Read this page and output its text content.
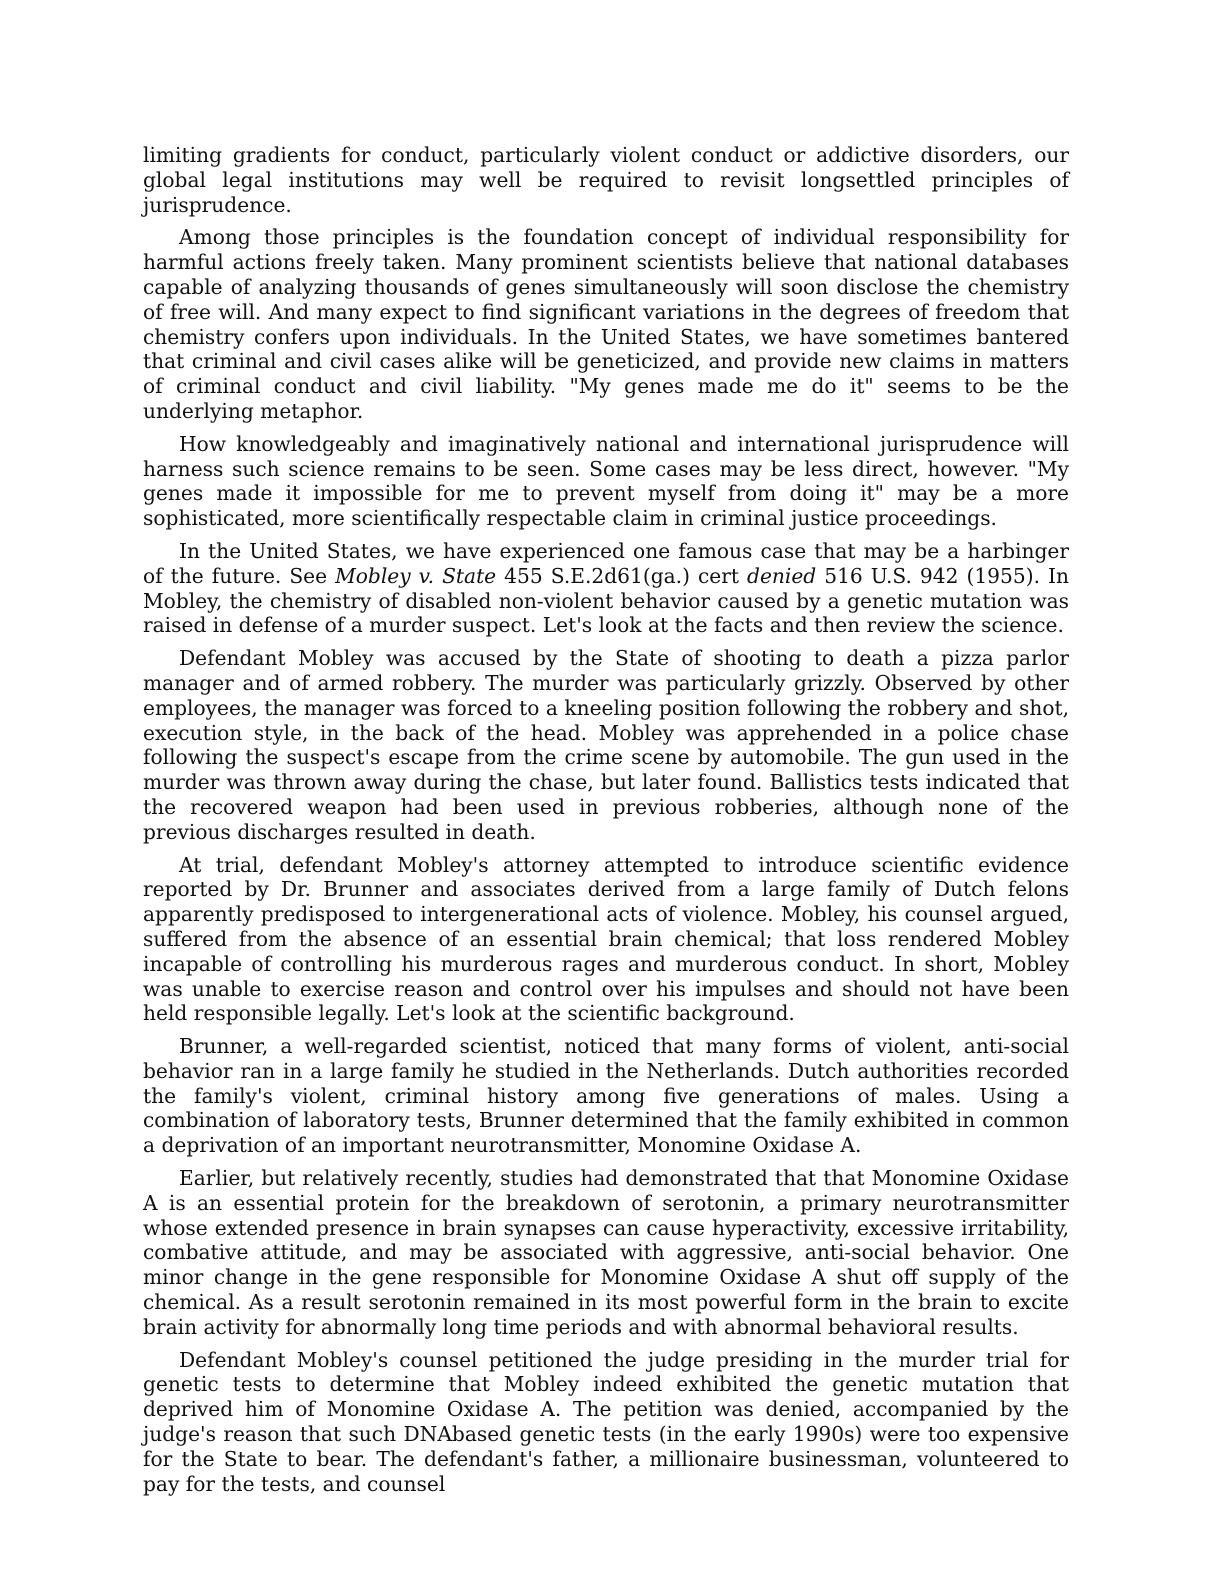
limiting gradients for conduct, particularly violent conduct or addictive disorders, our global legal institutions may well be required to revisit longsettled principles of jurisprudence.

Among those principles is the foundation concept of individual responsibility for harmful actions freely taken. Many prominent scientists believe that national databases capable of analyzing thousands of genes simultaneously will soon disclose the chemistry of free will. And many expect to find significant variations in the degrees of freedom that chemistry confers upon individuals. In the United States, we have sometimes bantered that criminal and civil cases alike will be geneticized, and provide new claims in matters of criminal conduct and civil liability. "My genes made me do it" seems to be the underlying metaphor.

How knowledgeably and imaginatively national and international jurisprudence will harness such science remains to be seen. Some cases may be less direct, however. "My genes made it impossible for me to prevent myself from doing it" may be a more sophisticated, more scientifically respectable claim in criminal justice proceedings.

In the United States, we have experienced one famous case that may be a harbinger of the future. See Mobley v. State 455 S.E.2d61(ga.) cert denied 516 U.S. 942 (1955). In Mobley, the chemistry of disabled non-violent behavior caused by a genetic mutation was raised in defense of a murder suspect. Let's look at the facts and then review the science.

Defendant Mobley was accused by the State of shooting to death a pizza parlor manager and of armed robbery. The murder was particularly grizzly. Observed by other employees, the manager was forced to a kneeling position following the robbery and shot, execution style, in the back of the head. Mobley was apprehended in a police chase following the suspect's escape from the crime scene by automobile. The gun used in the murder was thrown away during the chase, but later found. Ballistics tests indicated that the recovered weapon had been used in previous robberies, although none of the previous discharges resulted in death.

At trial, defendant Mobley's attorney attempted to introduce scientific evidence reported by Dr. Brunner and associates derived from a large family of Dutch felons apparently predisposed to intergenerational acts of violence. Mobley, his counsel argued, suffered from the absence of an essential brain chemical; that loss rendered Mobley incapable of controlling his murderous rages and murderous conduct. In short, Mobley was unable to exercise reason and control over his impulses and should not have been held responsible legally. Let's look at the scientific background.

Brunner, a well-regarded scientist, noticed that many forms of violent, anti-social behavior ran in a large family he studied in the Netherlands. Dutch authorities recorded the family's violent, criminal history among five generations of males. Using a combination of laboratory tests, Brunner determined that the family exhibited in common a deprivation of an important neurotransmitter, Monomine Oxidase A.

Earlier, but relatively recently, studies had demonstrated that that Monomine Oxidase A is an essential protein for the breakdown of serotonin, a primary neurotransmitter whose extended presence in brain synapses can cause hyperactivity, excessive irritability, combative attitude, and may be associated with aggressive, anti-social behavior. One minor change in the gene responsible for Monomine Oxidase A shut off supply of the chemical. As a result serotonin remained in its most powerful form in the brain to excite brain activity for abnormally long time periods and with abnormal behavioral results.

Defendant Mobley's counsel petitioned the judge presiding in the murder trial for genetic tests to determine that Mobley indeed exhibited the genetic mutation that deprived him of Monomine Oxidase A. The petition was denied, accompanied by the judge's reason that such DNAbased genetic tests (in the early 1990s) were too expensive for the State to bear. The defendant's father, a millionaire businessman, volunteered to pay for the tests, and counsel
